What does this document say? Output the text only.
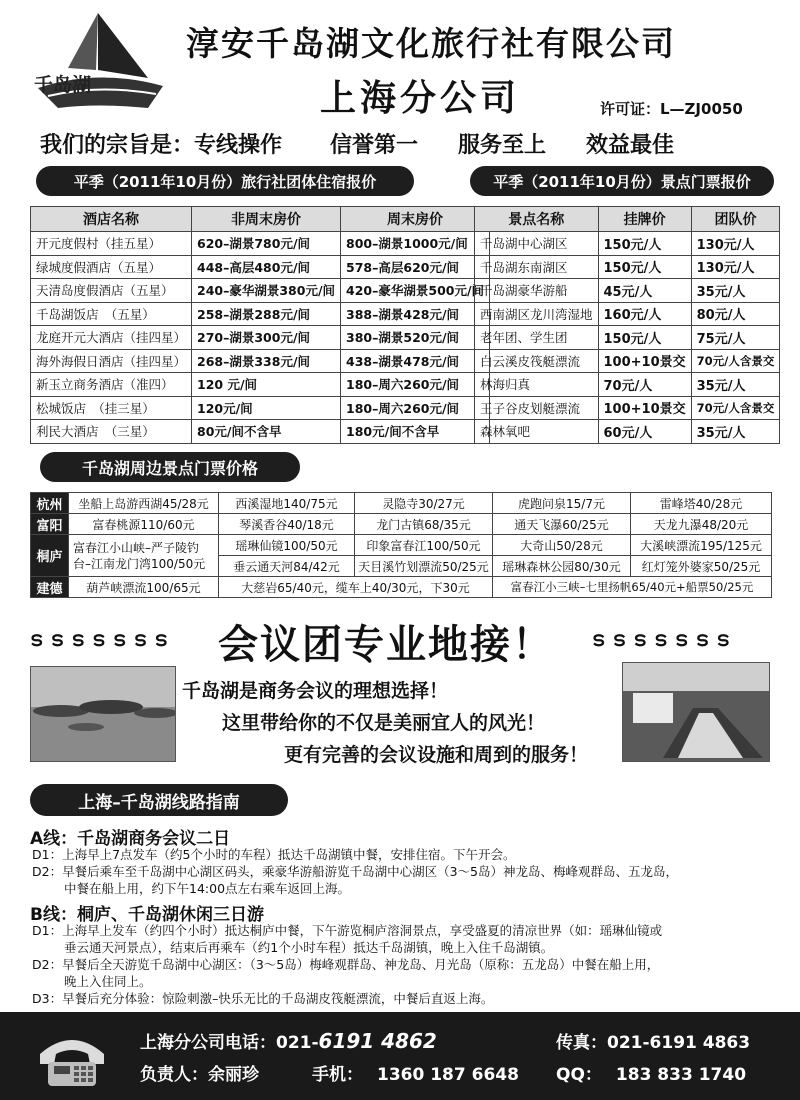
千岛湖
淳安千岛湖文化旅行社有限公司
上海分公司	许可证：L—ZJ0050
我们的宗旨是：专线操作 信誉第一 服务至上 效益最佳
平季（2011年10月份）旅行社团体住宿报价
酒店名称	非周末房价	周末房价
开元度假村（挂五星）	620–湖景780元/间	800–湖景1000元/间
绿城度假酒店（五星）	448–高层480元/间	578–高层620元/间
天清岛度假酒店（五星）	240–豪华湖景380元/间	420–豪华湖景500元/间
千岛湖饭店　（五星）	258–湖景288元/间	388–湖景428元/间
龙庭开元大酒店（挂四星）	270–湖景300元/间	380–湖景520元/间
海外海假日酒店（挂四星）	268–湖景338元/间	438–湖景478元/间
新玉立商务酒店（准四）	120 元/间	180–周六260元/间
松城饭店　（挂三星）	120元/间	180–周六260元/间
利民大酒店　（三星）	80元/间不含早	180元/间不含早
平季（2011年10月份）景点门票报价
景点名称	挂牌价	团队价
千岛湖中心湖区	150元/人	130元/人
千岛湖东南湖区	150元/人	130元/人
千岛湖豪华游船	45元/人	35元/人
西南湖区龙川湾湿地	160元/人	80元/人
老年团、学生团	150元/人	75元/人
白云溪皮筏艇漂流	100+10景交	70元/人含景交
林海归真	70元/人	35元/人
王子谷皮划艇漂流	100+10景交	70元/人含景交
森林氧吧	60元/人	35元/人
千岛湖周边景点门票价格
杭州	坐船上岛游西湖45/28元	西溪湿地140/75元	灵隐寺30/27元	虎跑问泉15/7元	雷峰塔40/28元
富阳	富春桃源110/60元	琴溪香谷40/18元	龙门古镇68/35元	通天飞瀑60/25元	天龙九瀑48/20元
桐庐	富春江小山峡–严子陵钓台–江南龙门湾100/50元	瑶琳仙镜100/50元	印象富春江100/50元	大奇山50/28元	大溪峡漂流195/125元
		垂云通天河84/42元	天目溪竹划漂流50/25元	瑶琳森林公园80/30元	红灯笼外婆家50/25元
建德	葫芦峡漂流100/65元	大慈岩65/40元，缆车上40/30元，下30元		富春江小三峡–七里扬帆65/40元+船票50/25元	
ട ട ട ട ട ട ട 会议团专业地接！ ട ട ട ട ട ട ട
千岛湖是商务会议的理想选择！
这里带给你的不仅是美丽宜人的风光！
更有完善的会议设施和周到的服务！
上海–千岛湖线路指南
A线：千岛湖商务会议二日
D1：上海早上7点发车（约5个小时的车程）抵达千岛湖镇中餐，安排住宿。下午开会。
D2：早餐后乘车至千岛湖中心湖区码头，乘豪华游船游览千岛湖中心湖区（3～5岛）神龙岛、梅峰观群岛、五龙岛，
中餐在船上用，约下午14:00点左右乘车返回上海。
B线：桐庐、千岛湖休闲三日游
D1：上海早上发车（约四个小时）抵达桐庐中餐，下午游览桐庐溶洞景点，享受盛夏的清凉世界（如：瑶琳仙镜或
垂云通天河景点），结束后再乘车（约1个小时车程）抵达千岛湖镇，晚上入住千岛湖镇。
D2：早餐后全天游览千岛湖中心湖区：（3～5岛）梅峰观群岛、神龙岛、月光岛（原称：五龙岛）中餐在船上用，
晚上入住同上。
D3：早餐后充分体验：惊险刺激–快乐无比的千岛湖皮筏艇漂流，中餐后直返上海。
上海分公司电话：021-6191 4862	传真：021-6191 4863
负责人：余丽珍	手机： 1360 187 6648 QQ： 183 833 1740
